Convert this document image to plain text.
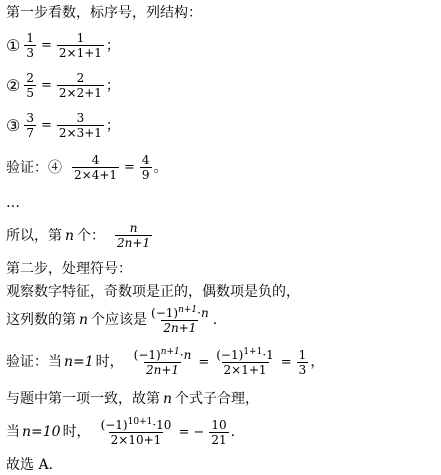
第一步看数，标序号，列结构：
① $\frac{1}{3} = \frac{1}{2\times 1+1}$ ；
② $\frac{2}{5} = \frac{2}{2\times 2+1}$ ；
③ $\frac{3}{7} = \frac{3}{2\times 3+1}$ ；
验证：④ $\frac{4}{2\times 4+1} = \frac{4}{9}$ 。
…
所以，第 n 个： $\frac{n}{2n+1}$
第二步，处理符号：
观察数字特征，奇数项是正的，偶数项是负的，
这列数的第 n 个应该是 $\frac{(-1)^{n+1}\cdot n}{2n+1}$ .
验证：当 n=1 时， $\frac{(-1)^{n+1}\cdot n}{2n+1} = \frac{(-1)^{1+1}\cdot 1}{2\times 1+1} = \frac{1}{3}$ ，
与题中第一项一致，故第 n 个式子合理，
当 n=10 时， $\frac{(-1)^{10+1}\cdot 10}{2\times 10+1}$ = − $\frac{10}{21}$ .
故选 A.
